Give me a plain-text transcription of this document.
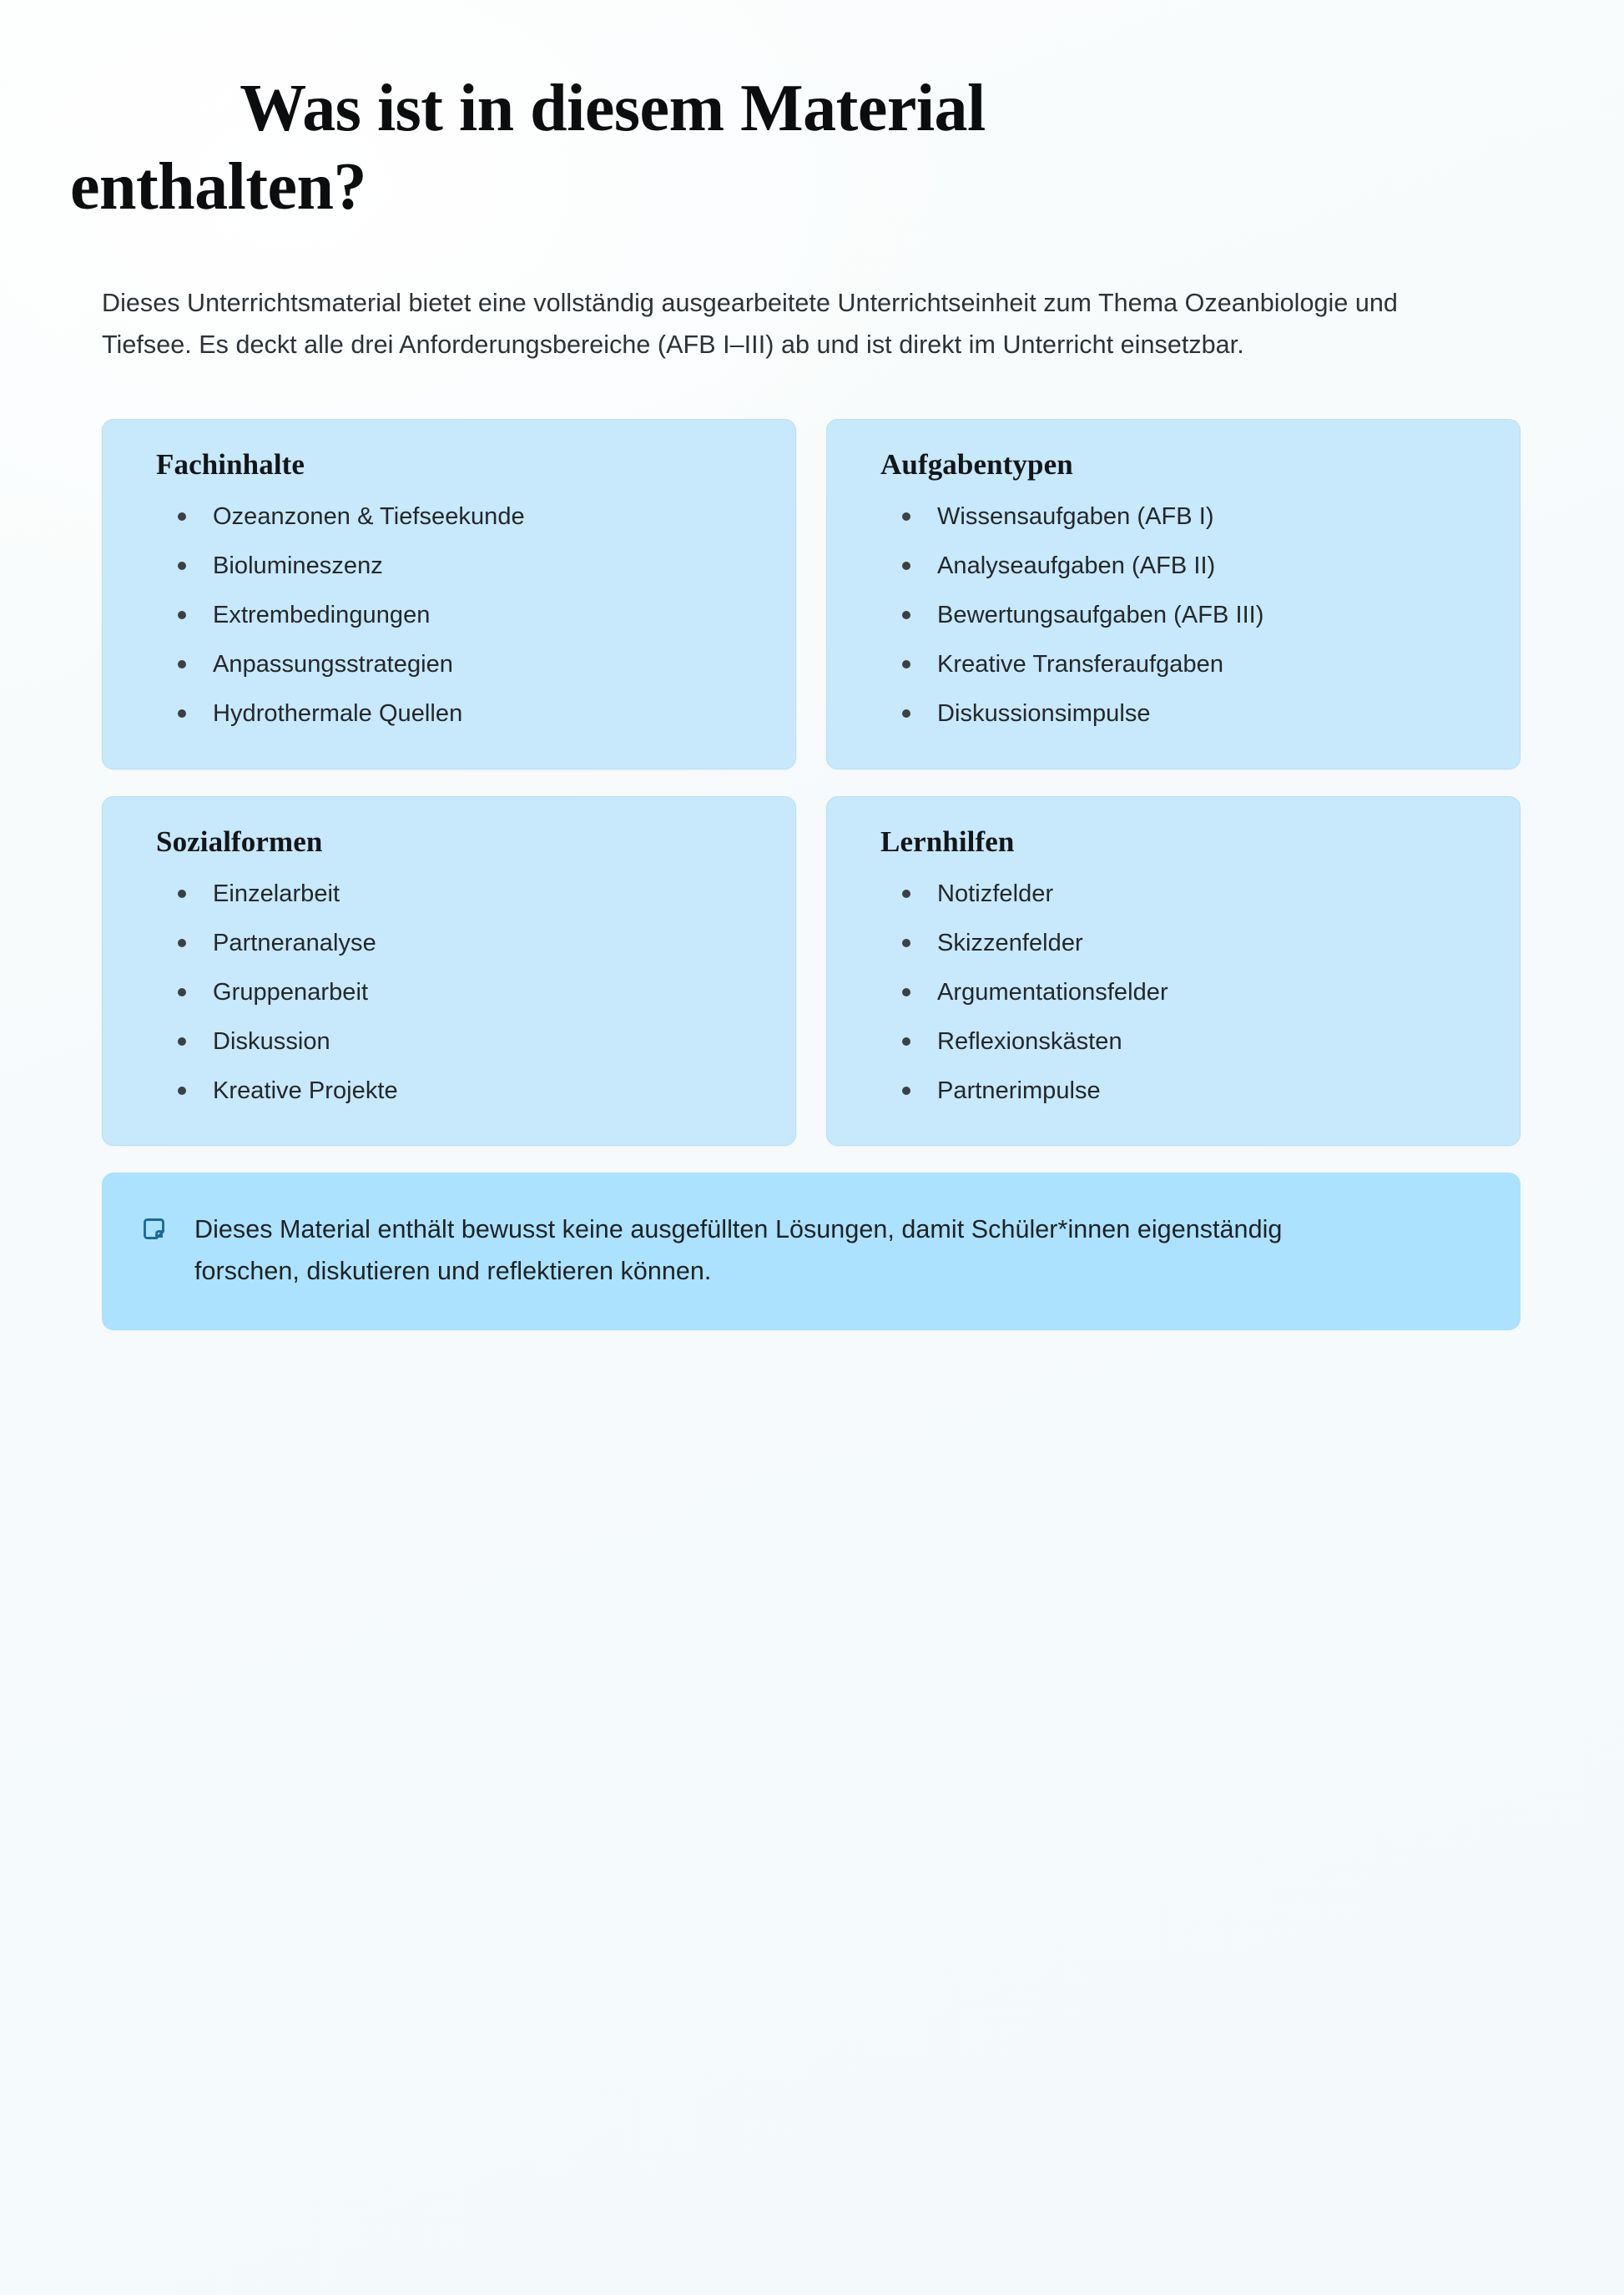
Was ist in diesem Material
enthalten?

Dieses Unterrichtsmaterial bietet eine vollständig ausgearbeitete Unterrichtseinheit zum Thema Ozeanbiologie und Tiefsee. Es deckt alle drei Anforderungsbereiche (AFB I–III) ab und ist direkt im Unterricht einsetzbar.

Fachinhalte
Ozeanzonen & Tiefseekunde
Biolumineszenz
Extrembedingungen
Anpassungsstrategien
Hydrothermale Quellen
Aufgabentypen
Wissensaufgaben (AFB I)
Analyseaufgaben (AFB II)
Bewertungsaufgaben (AFB III)
Kreative Transferaufgaben
Diskussionsimpulse
Sozialformen
Einzelarbeit
Partneranalyse
Gruppenarbeit
Diskussion
Kreative Projekte
Lernhilfen
Notizfelder
Skizzenfelder
Argumentationsfelder
Reflexionskästen
Partnerimpulse

Dieses Material enthält bewusst keine ausgefüllten Lösungen, damit Schüler*innen eigenständig forschen, diskutieren und reflektieren können.
